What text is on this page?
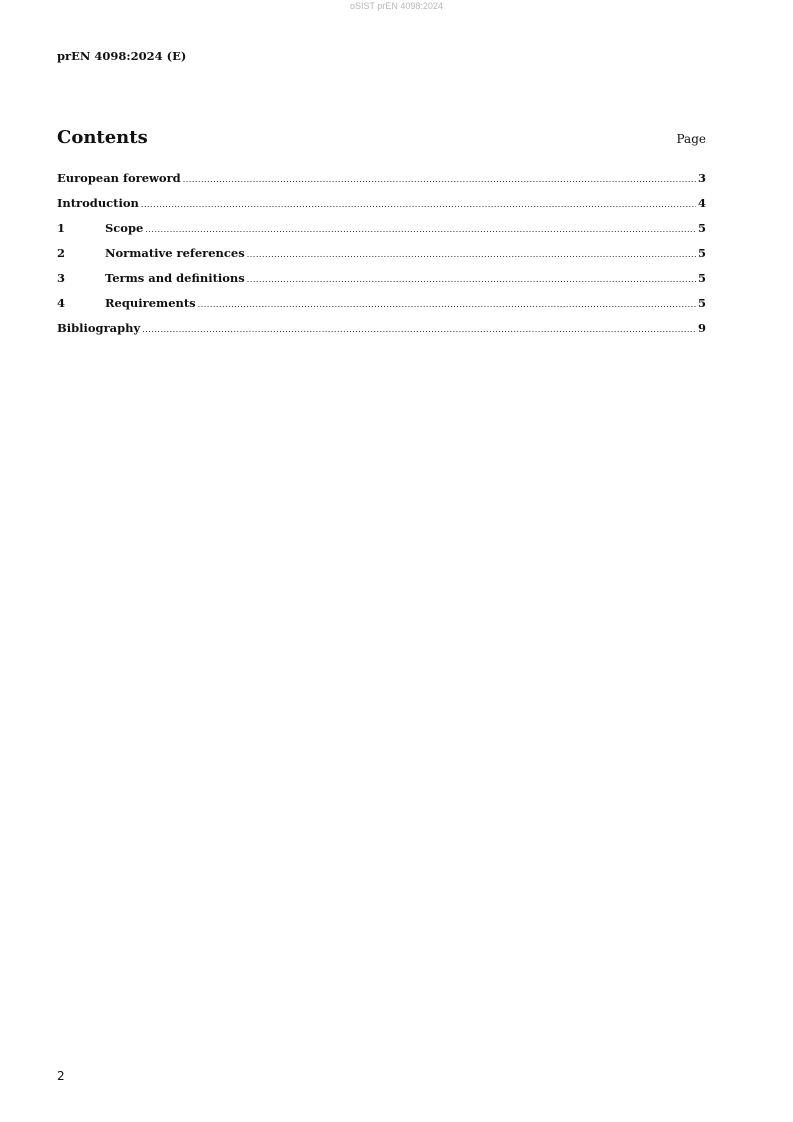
oSIST prEN 4098:2024
prEN 4098:2024 (E)
Contents	Page
European foreword .....	3
Introduction .....	4
1	Scope .....	5
2	Normative references .....	5
3	Terms and definitions .....	5
4	Requirements .....	5
Bibliography .....	9
2
